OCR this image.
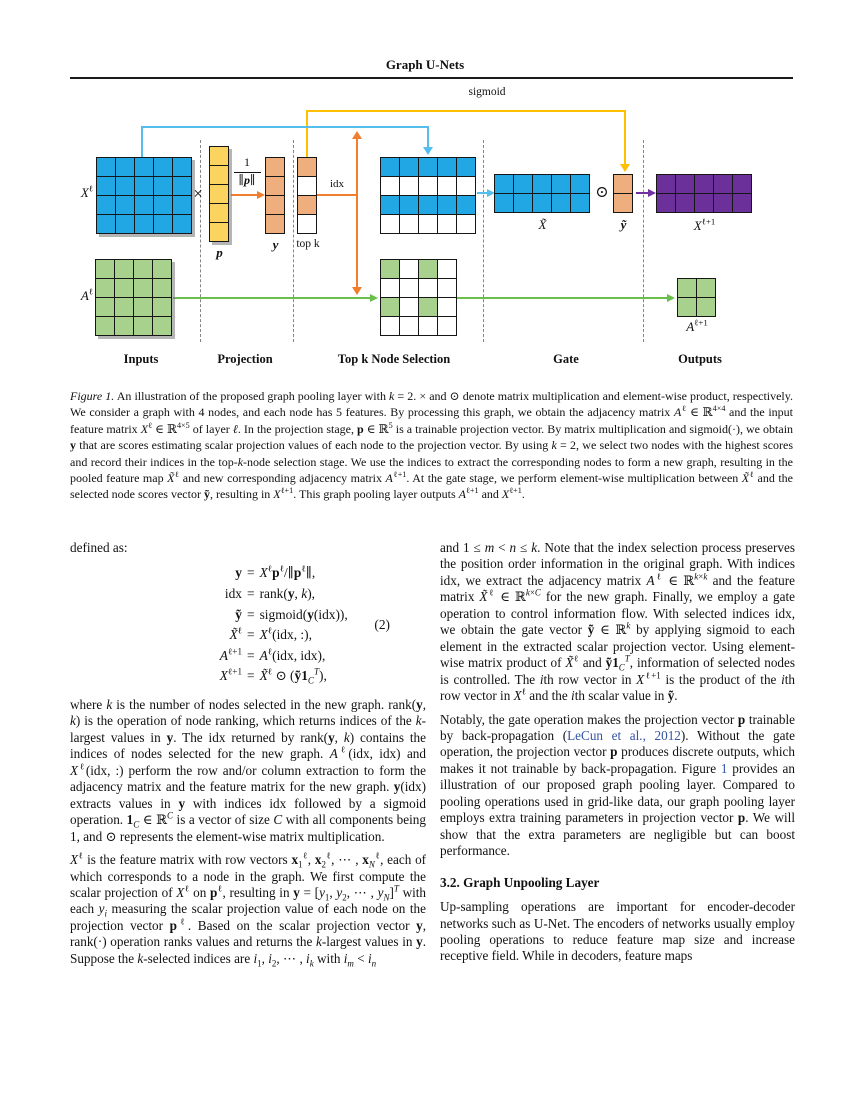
Graph U-Nets
sigmoid
idx
1
∥p∥
×	⊙
$X^\ell$
$A^\ell$
p
y	top k
X̃	ỹ	$X^{\ell+1}$
$A^{\ell+1}$
Inputs	Projection	Top k Node Selection	Gate	Outputs
Figure 1. An illustration of the proposed graph pooling layer with k = 2. × and ⊙ denote matrix multiplication and element-wise product, respectively. We consider a graph with 4 nodes, and each node has 5 features. By processing this graph, we obtain the adjacency matrix $A^\ell$ ∈ ℝ$^{4\times 4}$ and the input feature matrix $X^\ell$ ∈ ℝ$^{4\times 5}$ of layer ℓ. In the projection stage, p ∈ ℝ$^5$ is a trainable projection vector. By matrix multiplication and sigmoid(·), we obtain y that are scores estimating scalar projection values of each node to the projection vector. By using k = 2, we select two nodes with the highest scores and record their indices in the top-k-node selection stage. We use the indices to extract the corresponding nodes to form a new graph, resulting in the pooled feature map X̃$^\ell$ and new corresponding adjacency matrix $A^{\ell+1}$. At the gate stage, we perform element-wise multiplication between X̃$^\ell$ and the selected node scores vector ỹ, resulting in $X^{\ell+1}$. This graph pooling layer outputs $A^{\ell+1}$ and $X^{\ell+1}$.
defined as:
$y = X^\ell p^\ell/\parallel p^\ell\parallel$,
idx = rank(y, k),
ỹ = sigmoid(y(idx)),
X̃$^\ell$ = $X^\ell(idx$, :),
$A^{\ell+1} = A^\ell(idx$, idx),
$X^{\ell+1}$ = X̃$^\ell$ ⊙ $(ỹ1_C^T)$,
(2)

where k is the number of nodes selected in the new graph. rank(y, k) is the operation of node ranking, which returns indices of the k-largest values in y. The idx returned by rank(y, k) contains the indices of nodes selected for the new graph. $A^\ell(idx$, idx) and $X^\ell(idx$, :) perform the row and/or column extraction to form the adjacency matrix and the feature matrix for the new graph. y(idx) extracts values in y with indices idx followed by a sigmoid operation. $1_C$ ∈ ℝ$^C$ is a vector of size C with all components being 1, and ⊙ represents the element-wise matrix multiplication.

$X^\ell$ is the feature matrix with row vectors $x_1^\ell$, $x_2^\ell$, ⋯ , $x_N^\ell$, each of which corresponds to a node in the graph. We first compute the scalar projection of $X^\ell$ on $p^\ell$, resulting in $y = [y_1$, $y_2$, ⋯ , $y_N]^T$ with each $y_i$ measuring the scalar projection value of each node on the projection vector $p^\ell$. Based on the scalar projection vector y, rank(·) operation ranks values and returns the k-largest values in y. Suppose the k-selected indices are $i_1$, $i_2$, ⋯ , $i_k$ with $i_m < i_n$

and 1 ≤ m < n ≤ k. Note that the index selection process preserves the position order information in the original graph. With indices idx, we extract the adjacency matrix $A^\ell$ ∈ ℝ$^{k\times k}$ and the feature matrix X̃$^\ell$ ∈ ℝ$^{k\times C}$ for the new graph. Finally, we employ a gate operation to control information flow. With selected indices idx, we obtain the gate vector ỹ ∈ ℝ$^k$ by applying sigmoid to each element in the extracted scalar projection vector. Using element-wise matrix product of X̃$^\ell$ and $ỹ1_C^T$, information of selected nodes is controlled. The ith row vector in $X^{\ell+1}$ is the product of the ith row vector in $X^\ell$ and the ith scalar value in ỹ.

Notably, the gate operation makes the projection vector p trainable by back-propagation (LeCun et al., 2012). Without the gate operation, the projection vector p produces discrete outputs, which makes it not trainable by back-propagation. Figure 1 provides an illustration of our proposed graph pooling layer. Compared to pooling operations used in grid-like data, our graph pooling layer employs extra training parameters in projection vector p. We will show that the extra parameters are negligible but can boost performance.

3.2. Graph Unpooling Layer

Up-sampling operations are important for encoder-decoder networks such as U-Net. The encoders of networks usually employ pooling operations to reduce feature map size and increase receptive field. While in decoders, feature maps
